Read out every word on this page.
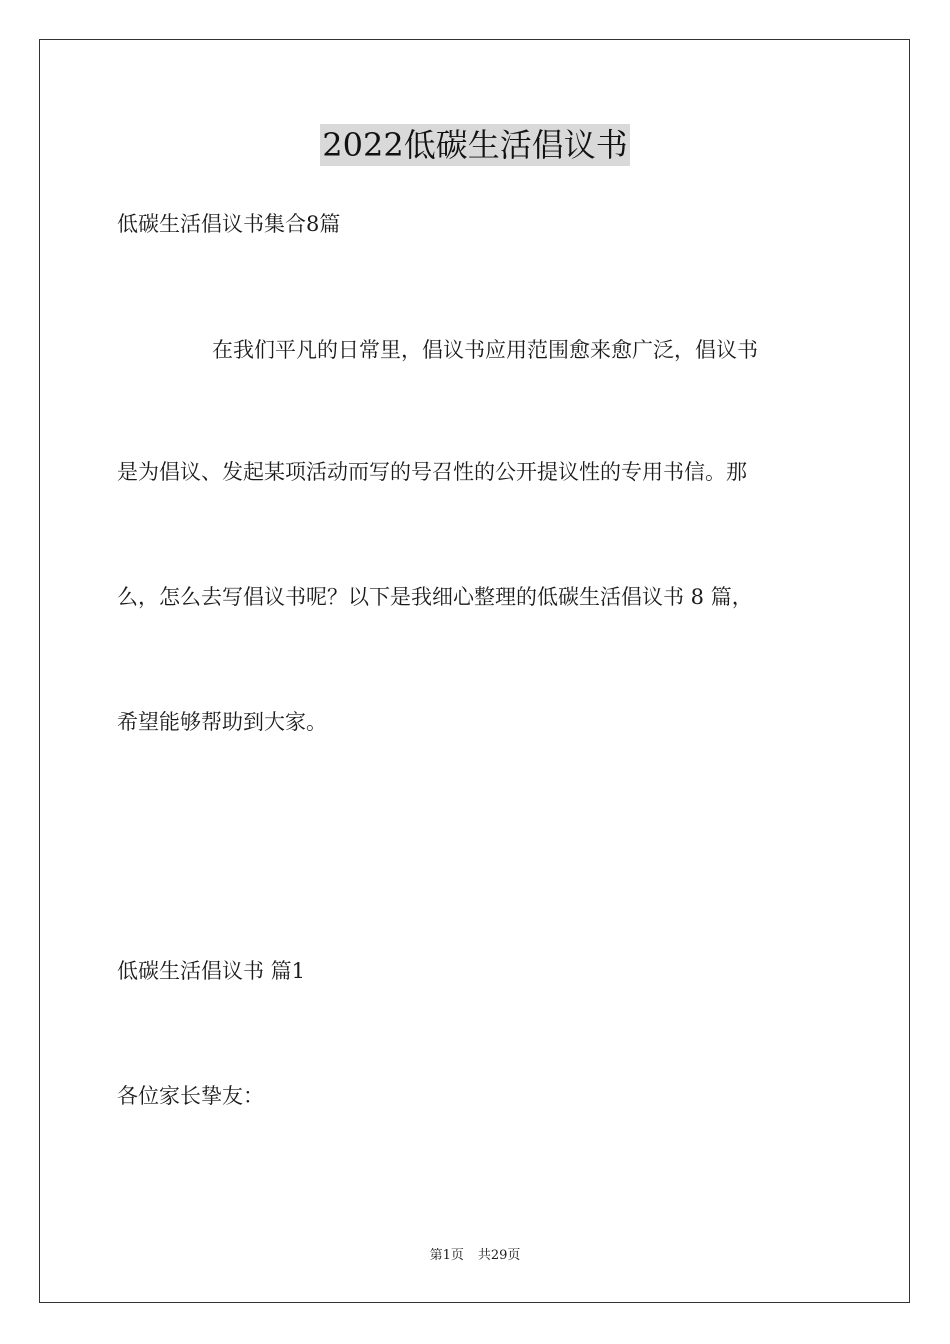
2022低碳生活倡议书
低碳生活倡议书集合8篇
在我们平凡的日常里，倡议书应用范围愈来愈广泛，倡议书
是为倡议、发起某项活动而写的号召性的公开提议性的专用书信。那
么，怎么去写倡议书呢？以下是我细心整理的低碳生活倡议书 8 篇，
希望能够帮助到大家。
低碳生活倡议书 篇1
各位家长挚友：
第1页 共29页
